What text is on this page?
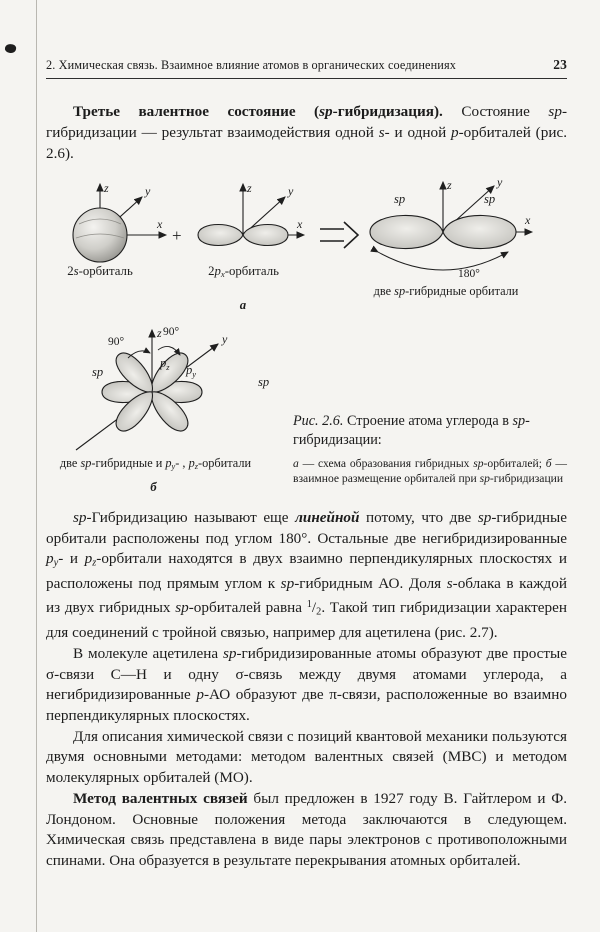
2. Химическая связь. Взаимное влияние атомов в органических соединениях	23

Третье валентное состояние (sp-гибридизация). Состояние sp-гибридизации — результат взаимодействия одной s- и одной p-орбиталей (рис. 2.6).

z	y
x
+
z	y
x
sp	sp
180°
z	y
x
2s-орбиталь	2px-орбиталь
две sp-гибридные орбитали
а
z	y
90°
90°
sp
sp
$p_z$ $p_y$
две sp-гибридные и py- , pz-орбитали
б
Рис. 2.6. Строение атома углерода в sp-гибридизации:
а — схема образования гибридных sp-орбиталей; б — взаимное размещение орбиталей при sp-гибридизации

sp-Гибридизацию называют еще линейной потому, что две sp-гибридные орбитали расположены под углом 180°. Остальные две негибридизированные py- и pz-орбитали находятся в двух взаимно перпендикулярных плоскостях и расположены под прямым углом к sp-гибридным АО. Доля s-облака в каждой из двух гибридных sp-орбиталей равна $^1$/2. Такой тип гибридизации характерен для соединений с тройной связью, например для ацетилена (рис. 2.7).

В молекуле ацетилена sp-гибридизированные атомы образуют две простые σ-связи С—Н и одну σ-связь между двумя атомами углерода, а негибридизированные p-АО образуют две π-связи, расположенные во взаимно перпендикулярных плоскостях.

Для описания химической связи с позиций квантовой механики пользуются двумя основными методами: методом валентных связей (МВС) и методом молекулярных орбиталей (МО).

Метод валентных связей был предложен в 1927 году В. Гайтлером и Ф. Лондоном. Основные положения метода заключаются в следующем. Химическая связь представлена в виде пары электронов с противоположными спинами. Она образуется в результате перекрывания атомных орбиталей.
